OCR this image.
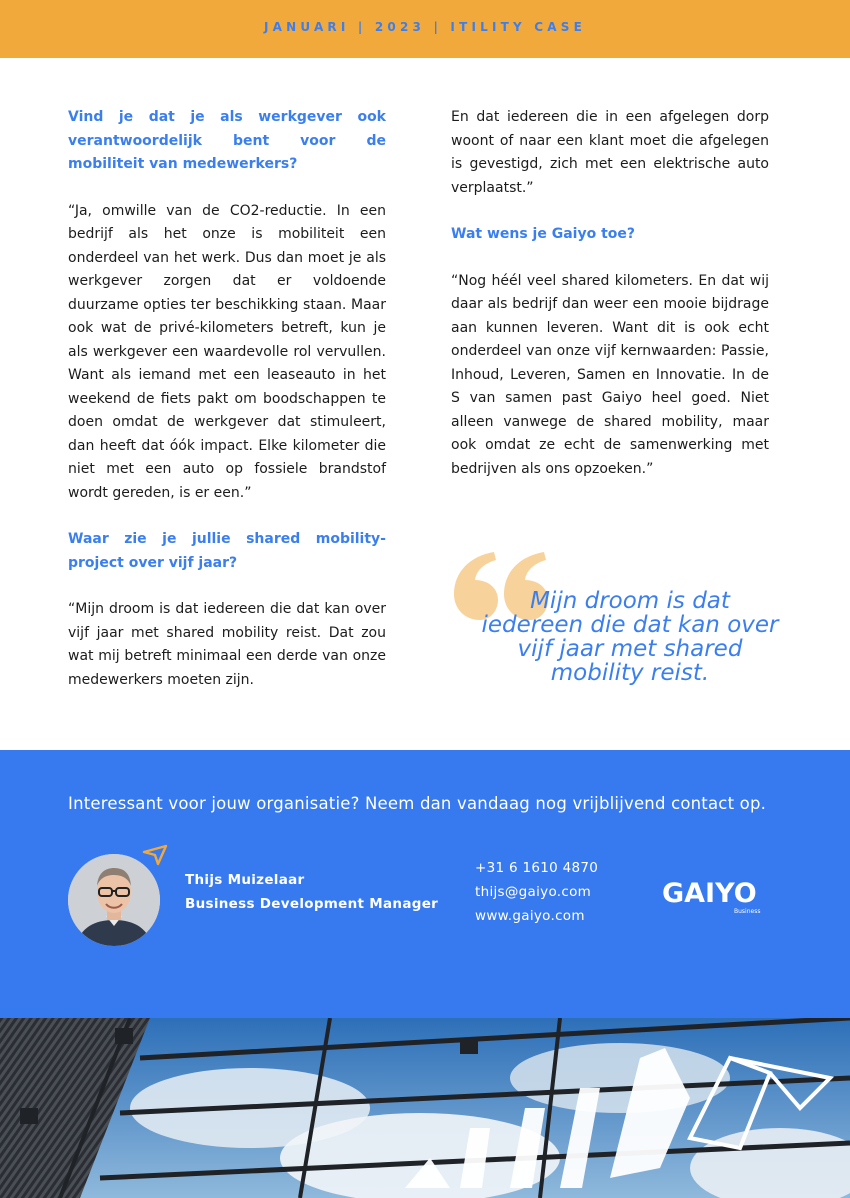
JANUARI | 2023 | ITILITY CASE
Vind je dat je als werkgever ook verantwoordelijk bent voor de mobiliteit van medewerkers?

“Ja, omwille van de CO2-reductie. In een bedrijf als het onze is mobiliteit een onderdeel van het werk. Dus dan moet je als werkgever zorgen dat er voldoende duurzame opties ter beschikking staan. Maar ook wat de privé-kilometers betreft, kun je als werkgever een waardevolle rol vervullen. Want als iemand met een leaseauto in het weekend de fiets pakt om boodschappen te doen omdat de werkgever dat stimuleert, dan heeft dat óók impact. Elke kilometer die niet met een auto op fossiele brandstof wordt gereden, is er een.”

Waar zie je jullie shared mobility-project over vijf jaar?

“Mijn droom is dat iedereen die dat kan over vijf jaar met shared mobility reist. Dat zou wat mij betreft minimaal een derde van onze medewerkers moeten zijn.

En dat iedereen die in een afgelegen dorp woont of naar een klant moet die afgelegen is gevestigd, zich met een elektrische auto verplaatst.”

Wat wens je Gaiyo toe?

“Nog héél veel shared kilometers. En dat wij daar als bedrijf dan weer een mooie bijdrage aan kunnen leveren. Want dit is ook echt onderdeel van onze vijf kernwaarden: Passie, Inhoud, Leveren, Samen en Innovatie. In de S van samen past Gaiyo heel goed. Niet alleen vanwege de shared mobility, maar ook omdat ze echt de samenwerking met bedrijven als ons opzoeken.”

Mijn droom is dat iedereen die dat kan over vijf jaar met shared mobility reist.
Interessant voor jouw organisatie? Neem dan vandaag nog vrijblijvend contact op.
Thijs Muizelaar
Business Development Manager
+31 6 1610 4870
thijs@gaiyo.com
www.gaiyo.com
GAIYO
Business
